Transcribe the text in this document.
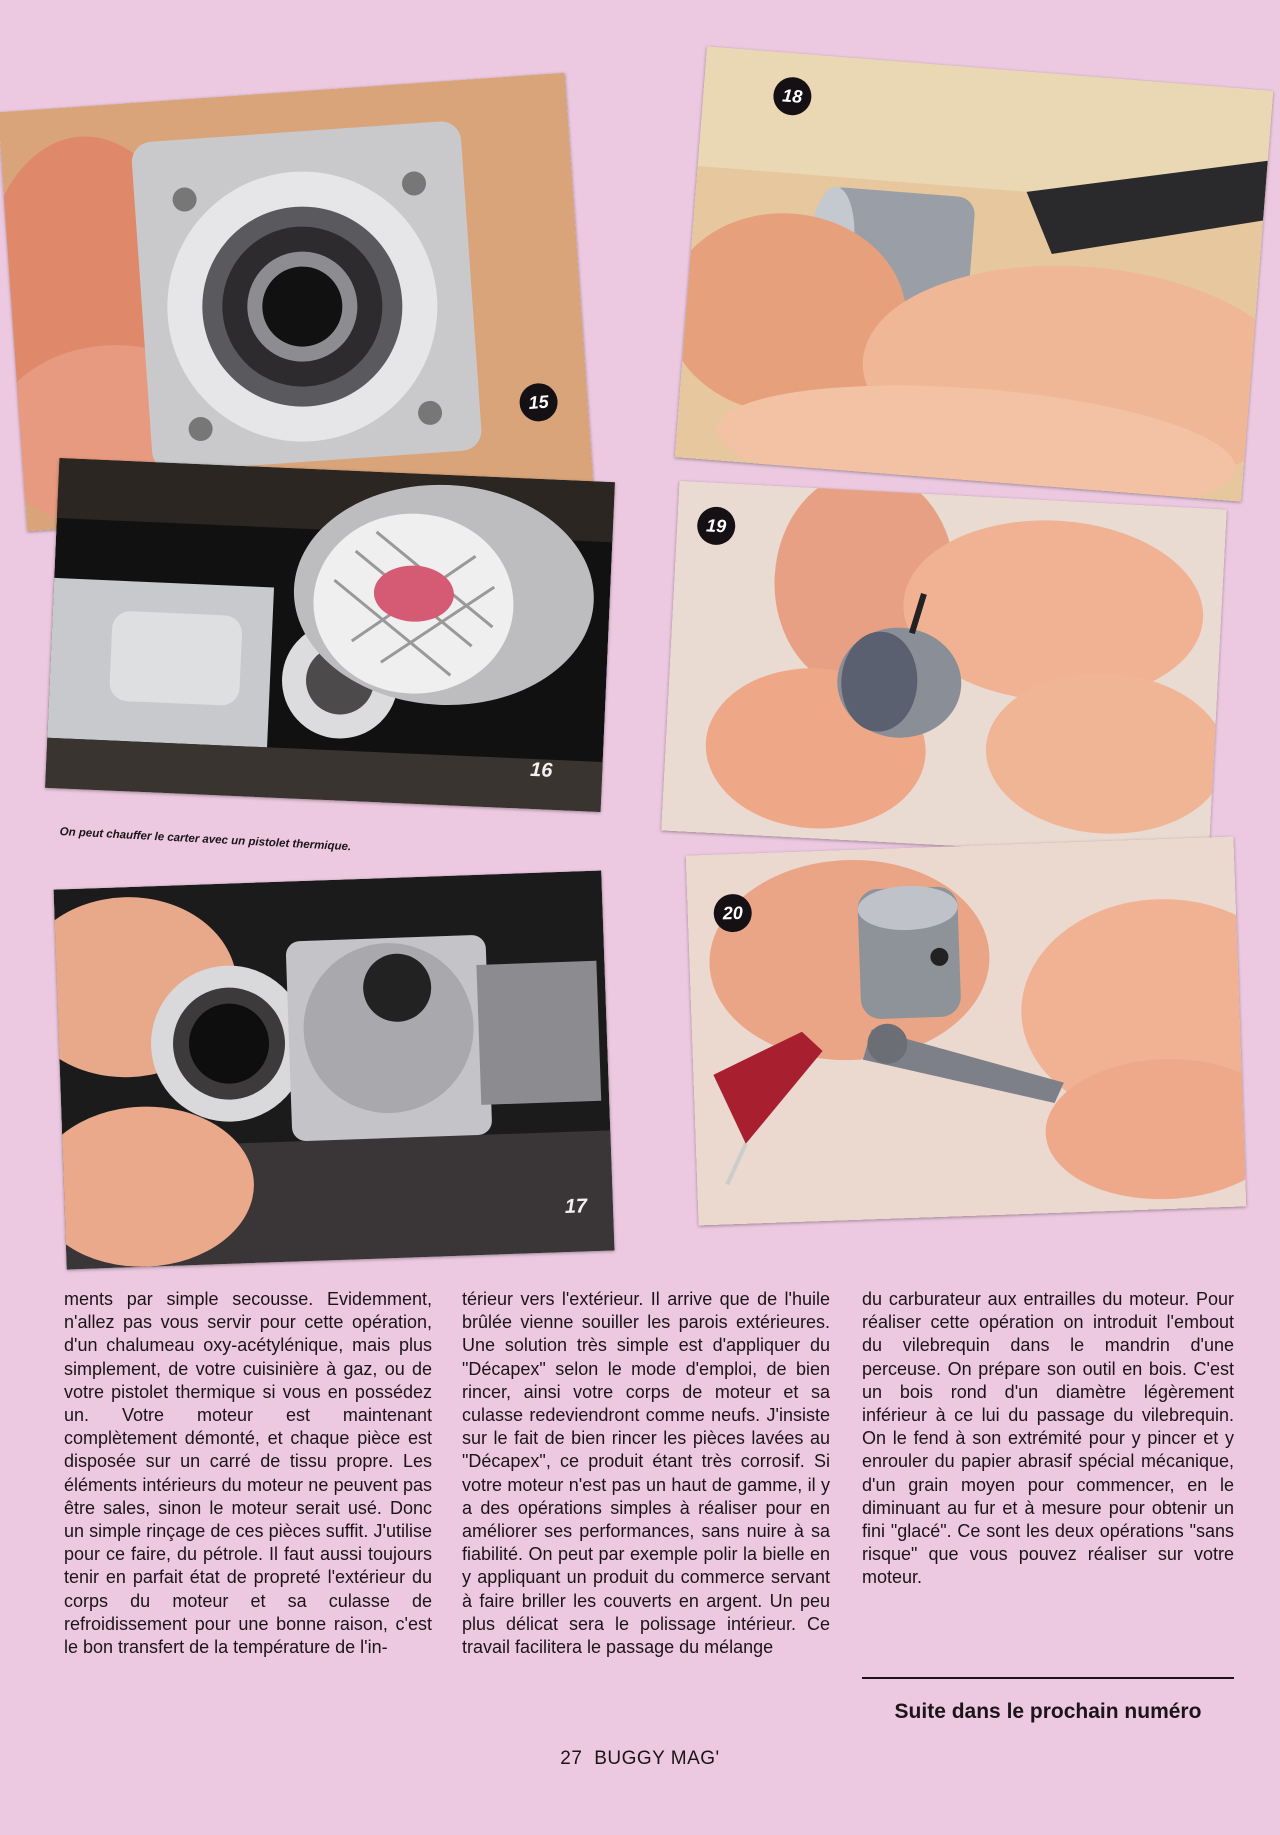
15
18
16
On peut chauffer le carter avec un pistolet thermique.
19
17
20
ments par simple secousse. Evidemment, n'allez pas vous servir pour cette opération, d'un chalumeau oxy-acétylénique, mais plus simplement, de votre cuisinière à gaz, ou de votre pistolet thermique si vous en possédez un. Votre moteur est maintenant complètement démonté, et chaque pièce est disposée sur un carré de tissu propre. Les éléments intérieurs du moteur ne peuvent pas être sales, sinon le moteur serait usé. Donc un simple rinçage de ces pièces suffit. J'utilise pour ce faire, du pétrole. Il faut aussi toujours tenir en parfait état de propreté l'extérieur du corps du moteur et sa culasse de refroidissement pour une bonne raison, c'est le bon transfert de la température de l'in-
térieur vers l'extérieur. Il arrive que de l'huile brûlée vienne souiller les parois extérieures. Une solution très simple est d'appliquer du "Décapex" selon le mode d'emploi, de bien rincer, ainsi votre corps de moteur et sa culasse redeviendront comme neufs. J'insiste sur le fait de bien rincer les pièces lavées au "Décapex", ce produit étant très corrosif. Si votre moteur n'est pas un haut de gamme, il y a des opérations simples à réaliser pour en améliorer ses performances, sans nuire à sa fiabilité. On peut par exemple polir la bielle en y appliquant un produit du commerce servant à faire briller les couverts en argent. Un peu plus délicat sera le polissage intérieur. Ce travail facilitera le passage du mélange
du carburateur aux entrailles du moteur. Pour réaliser cette opération on introduit l'embout du vilebrequin dans le mandrin d'une perceuse. On prépare son outil en bois. C'est un bois rond d'un diamètre légèrement inférieur à ce lui du passage du vilebrequin. On le fend à son extrémité pour y pincer et y enrouler du papier abrasif spécial mécanique, d'un grain moyen pour commencer, en le diminuant au fur et à mesure pour obtenir un fini "glacé". Ce sont les deux opérations "sans risque" que vous pouvez réaliser sur votre moteur.
Suite dans le prochain numéro
27 BUGGY MAG'
